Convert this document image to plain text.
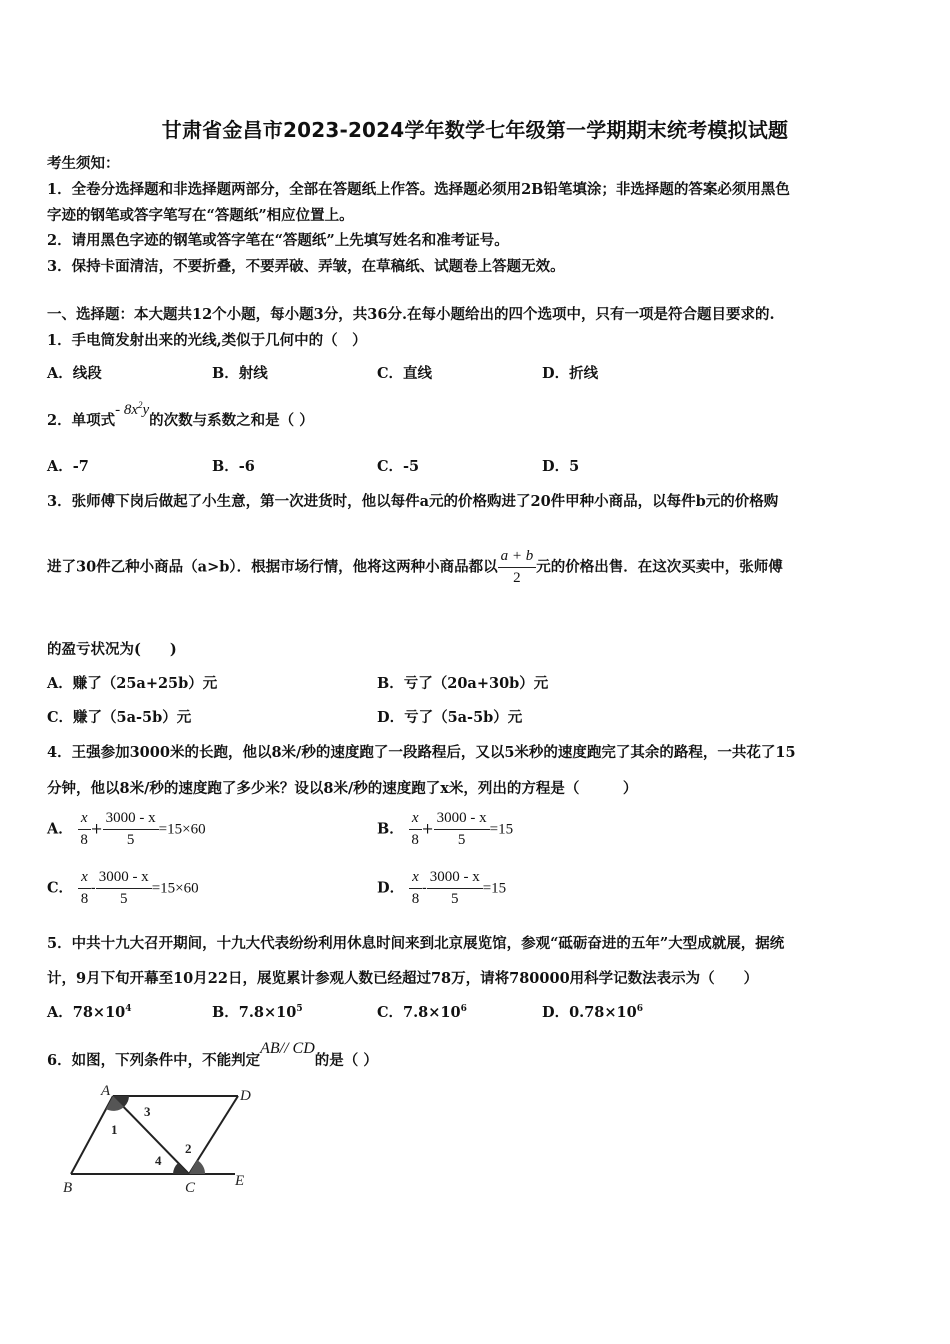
甘肃省金昌市2023-2024学年数学七年级第一学期期末统考模拟试题
考生须知：
1．全卷分选择题和非选择题两部分，全部在答题纸上作答。选择题必须用2B铅笔填涂；非选择题的答案必须用黑色
字迹的钢笔或答字笔写在“答题纸”相应位置上。
2．请用黑色字迹的钢笔或答字笔在“答题纸”上先填写姓名和准考证号。
3．保持卡面清洁，不要折叠，不要弄破、弄皱，在草稿纸、试题卷上答题无效。
一、选择题：本大题共12个小题，每小题3分，共36分.在每小题给出的四个选项中，只有一项是符合题目要求的.
1．手电筒发射出来的光线,类似于几何中的（　）
A．线段	B．射线	C．直线	D．折线
2．单项式- $8x^2y$的次数与系数之和是（ ）
A．-7	B．-6	C．-5	D．5
3．张师傅下岗后做起了小生意，第一次进货时，他以每件a元的价格购进了20件甲种小商品，以每件b元的价格购
进了30件乙种小商品（a>b）．根据市场行情，他将这两种小商品都以 $\frac{a + b}{2}$ 元的价格出售．在这次买卖中，张师傅
的盈亏状况为(　　)
A．赚了（25a+25b）元	B．亏了（20a+30b）元
C．赚了（5a-5b）元	D．亏了（5a-5b）元
4．王强参加3000米的长跑，他以8米/秒的速度跑了一段路程后，又以5米秒的速度跑完了其余的路程，一共花了15
分钟，他以8米/秒的速度跑了多少米？设以8米/秒的速度跑了x米，列出的方程是（　　　）
A． $\frac{x}{8} + \frac{3000 - x}{5} =15\times 60$	B． $\frac{x}{8} + \frac{3000 - x}{5} =15$
C． $\frac{x}{8} - \frac{3000 - x}{5} =15\times 60$	D． $\frac{x}{8} - \frac{3000 - x}{5} =15$
5．中共十九大召开期间，十九大代表纷纷利用休息时间来到北京展览馆，参观“砥砺奋进的五年”大型成就展，据统
计，9月下旬开幕至10月22日，展览累计参观人数已经超过78万，请将780000用科学记数法表示为（　　）
A．$78\times 10^4$	B．$7.8\times 10^5$	C．$7.8\times 10^6$	D．$0.78\times 10^6$
6．如图，下列条件中，不能判定AB// CD的是（ ）
A	D
B	C	E
1
2
3
4
